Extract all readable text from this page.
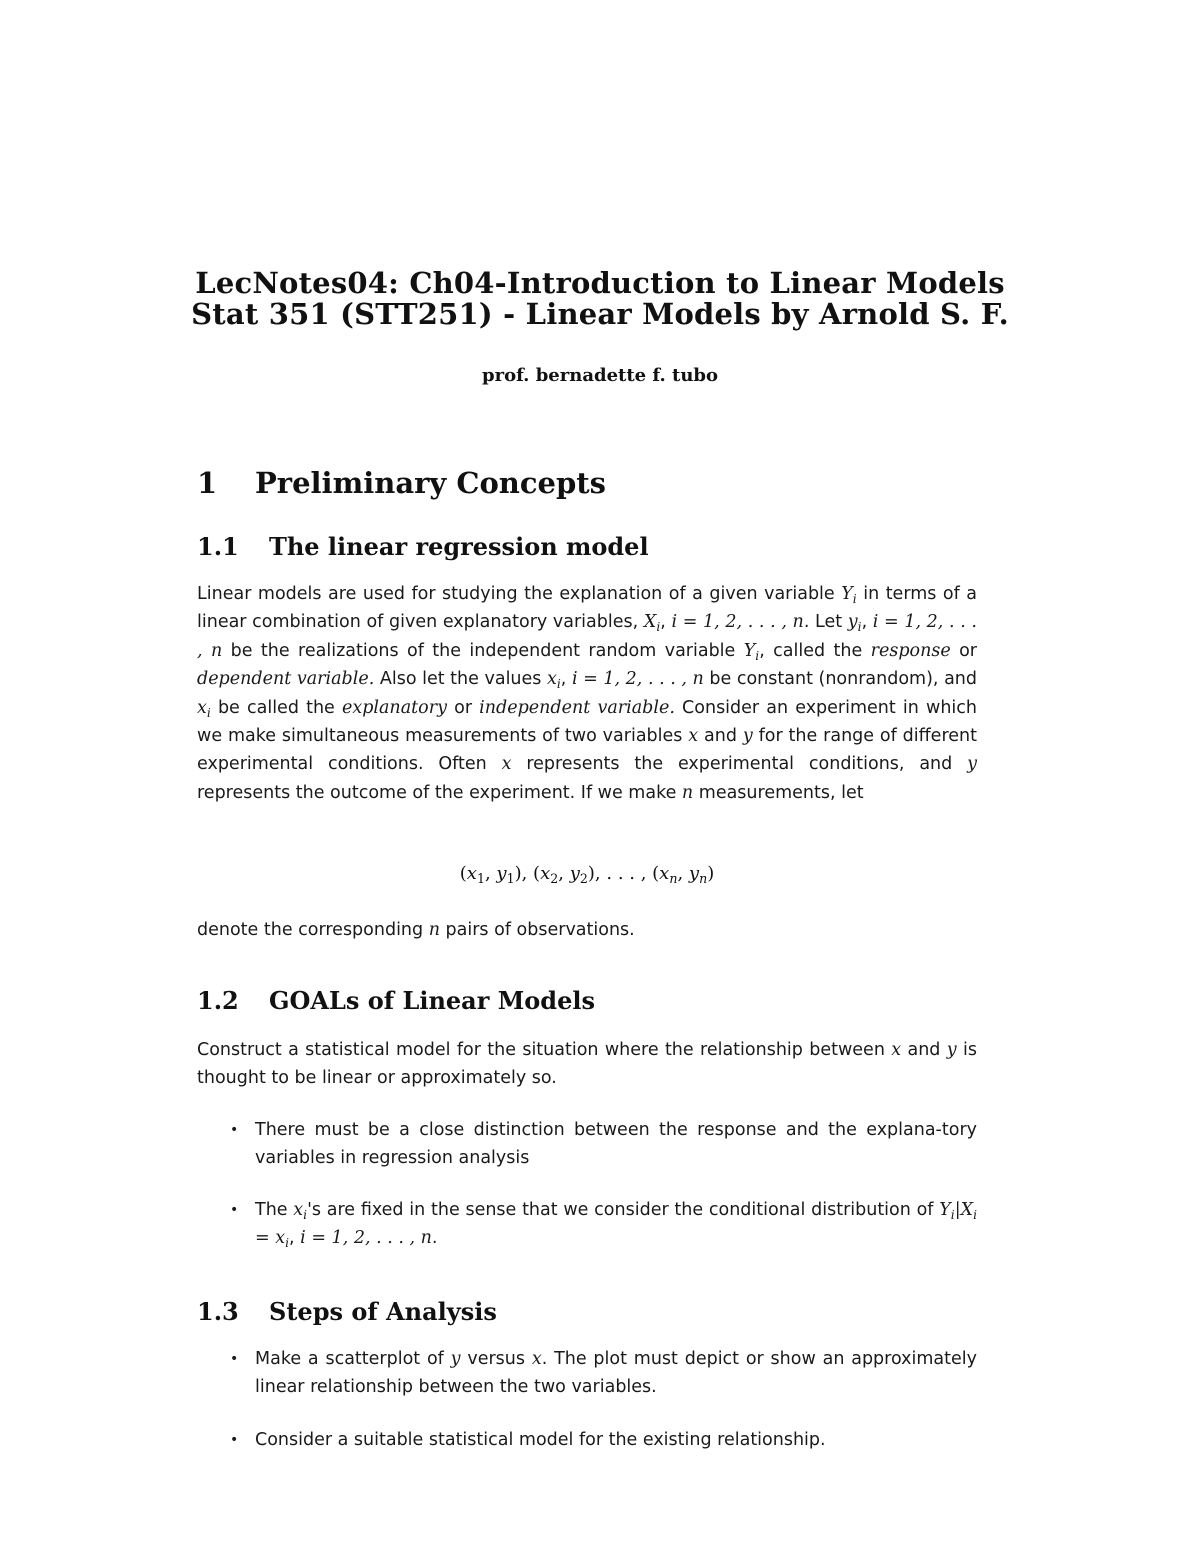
LecNotes04: Ch04-Introduction to Linear Models
Stat 351 (STT251) - Linear Models by Arnold S. F.
prof. bernadette f. tubo
1 Preliminary Concepts
1.1 The linear regression model
Linear models are used for studying the explanation of a given variable $Y_i$ in terms of a linear combination of given explanatory variables, $X_i$, i = 1, 2, . . . , n. Let $y_i$, i = 1, 2, . . . , n be the realizations of the independent random variable $Y_i$, called the response or dependent variable. Also let the values $x_i$, i = 1, 2, . . . , n be constant (nonrandom), and $x_i$ be called the explanatory or independent variable. Consider an experiment in which we make simultaneous measurements of two variables x and y for the range of different experimental conditions. Often x represents the experimental conditions, and y represents the outcome of the experiment. If we make n measurements, let
($x_1$, $y_1$), ($x_2$, $y_2$), . . . , ($x_n$, $y_n$)
denote the corresponding n pairs of observations.
1.2 GOALs of Linear Models
Construct a statistical model for the situation where the relationship between x and y is thought to be linear or approximately so.
• There must be a close distinction between the response and the explana-tory variables in regression analysis
• The $x_i's$ are fixed in the sense that we consider the conditional distribution of $Y_i|X_i = x_i$, i = 1, 2, . . . , n.
1.3 Steps of Analysis
• Make a scatterplot of y versus x. The plot must depict or show an approximately linear relationship between the two variables.
• Consider a suitable statistical model for the existing relationship.
